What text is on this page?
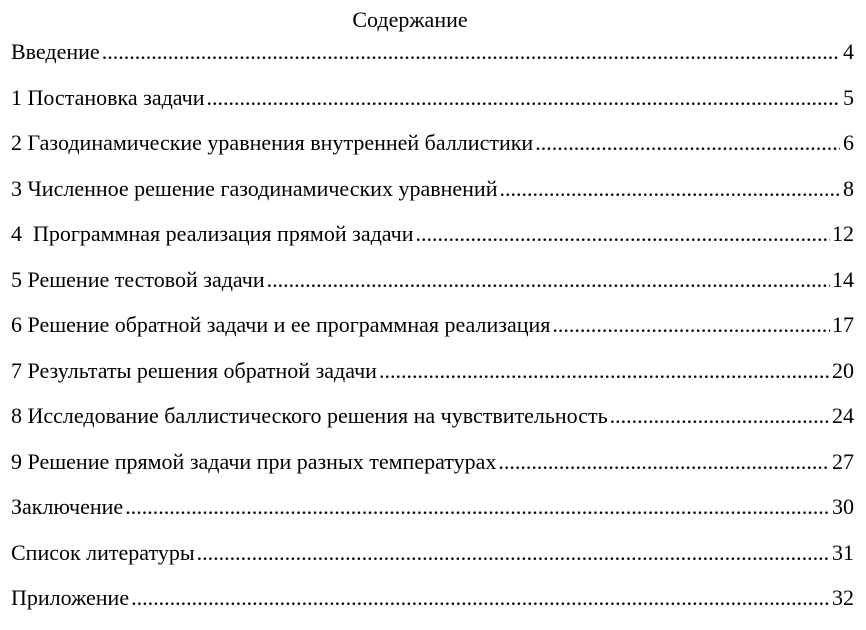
Содержание
Введение .....	4
1 Постановка задачи .....	5
2 Газодинамические уравнения внутренней баллистики .....	6
3 Численное решение газодинамических уравнений .....	8
4  Программная реализация прямой задачи .....	12
5 Решение тестовой задачи .....	14
6 Решение обратной задачи и ее программная реализация .....	17
7 Результаты решения обратной задачи .....	20
8 Исследование баллистического решения на чувствительность .....	24
9 Решение прямой задачи при разных температурах .....	27
Заключение .....	30
Список литературы .....	31
Приложение .....	32
